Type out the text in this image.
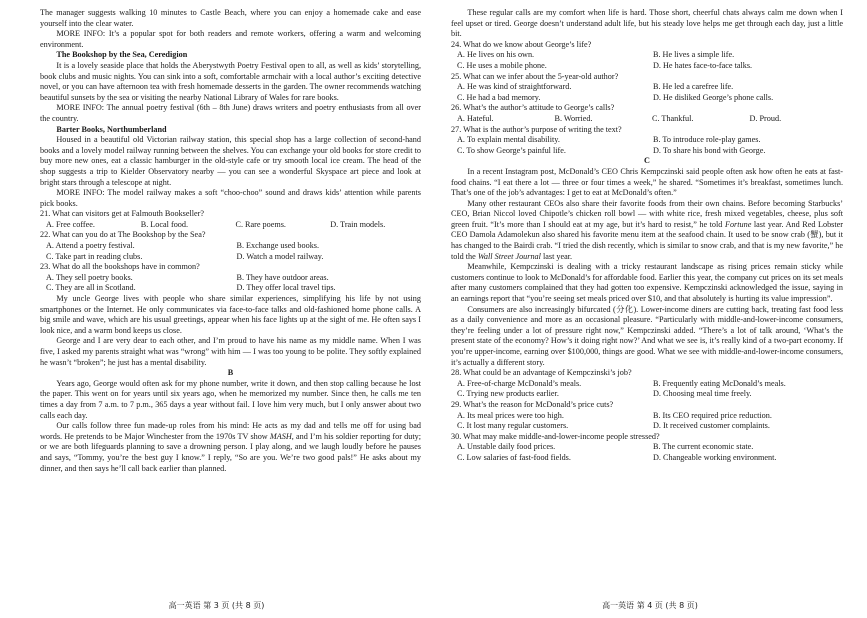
The manager suggests walking 10 minutes to Castle Beach, where you can enjoy a homemade cake and ease yourself into the clear water.

MORE INFO: It’s a popular spot for both readers and remote workers, offering a warm and welcoming environment.

The Bookshop by the Sea, Ceredigion

It is a lovely seaside place that holds the Aberystwyth Poetry Festival open to all, as well as kids’ storytelling, book clubs and music nights. You can sink into a soft, comfortable armchair with a local author’s exciting detective novel, or you can have afternoon tea with fresh homemade desserts in the garden. The owner recommends watching beautiful sunsets by the sea or visiting the nearby National Library of Wales for rare books.

MORE INFO: The annual poetry festival (6th – 8th June) draws writers and poetry enthusiasts from all over the country.

Barter Books, Northumberland

Housed in a beautiful old Victorian railway station, this special shop has a large collection of second-hand books and a lovely model railway running between the shelves. You can exchange your old books for store credit to buy more new ones, eat a classic hamburger in the old-style cafe or try smooth local ice cream. The head of the shop suggests a trip to Kielder Observatory nearby — you can see a wonderful Skyspace art piece and look at bright stars through a telescope at night.

MORE INFO: The model railway makes a soft “choo-choo” sound and draws kids’ attention while parents pick books.

21. What can visitors get at Falmouth Bookseller?

A. Free coffee.	B. Local food.	C. Rare poems.	D. Train models.

22. What can you do at The Bookshop by the Sea?

A. Attend a poetry festival.	B. Exchange used books.
C. Take part in reading clubs.	D. Watch a model railway.

23. What do all the bookshops have in common?

A. They sell poetry books.	B. They have outdoor areas.
C. They are all in Scotland.	D. They offer local travel tips.

My uncle George lives with people who share similar experiences, simplifying his life by not using smartphones or the Internet. He only communicates via face-to-face talks and old-fashioned home phone calls. A big smile and wave, which are his usual greetings, appear when his face lights up at the sight of me. He often says I look nice, and a warm bond keeps us close.

George and I are very dear to each other, and I’m proud to have his name as my middle name. When I was five, I asked my parents straight what was “wrong” with him — I was too young to be polite. They softly explained he wasn’t “broken”; he just has a mental disability.

B

Years ago, George would often ask for my phone number, write it down, and then stop calling because he lost the paper. This went on for years until six years ago, when he memorized my number. Since then, he calls me ten times a day from 7 a.m. to 7 p.m., 365 days a year without fail. I love him very much, but I only answer about two calls each day.

Our calls follow three fun made-up roles from his mind: He acts as my dad and tells me off for using bad words. He pretends to be Major Winchester from the 1970s TV show MASH, and I’m his soldier reporting for duty; or we are both lifeguards planning to save a drowning person. I play along, and we laugh loudly before he pauses and says, “Tommy, you’re the best guy I know.” I reply, “So are you. We’re two good pals!” He asks about my dinner, and then says he’ll call back earlier than planned.

高一英语 第 3 页 (共 8 页)

These regular calls are my comfort when life is hard. Those short, cheerful chats always calm me down when I feel upset or tired. George doesn’t understand adult life, but his steady love helps me get through each day, just a little bit.

24. What do we know about George’s life?

A. He lives on his own.	B. He lives a simple life.
C. He uses a mobile phone.	D. He hates face-to-face talks.

25. What can we infer about the 5-year-old author?

A. He was kind of straightforward.	B. He led a carefree life.
C. He had a bad memory.	D. He disliked George’s phone calls.

26. What’s the author’s attitude to George’s calls?

A. Hateful.	B. Worried.	C. Thankful.	D. Proud.

27. What is the author’s purpose of writing the text?

A. To explain mental disability.	B. To introduce role-play games.
C. To show George’s painful life.	D. To share his bond with George.

C

In a recent Instagram post, McDonald’s CEO Chris Kempczinski said people often ask how often he eats at fast-food chains. “I eat there a lot — three or four times a week,” he shared. “Sometimes it’s breakfast, sometimes lunch. That’s one of the job’s advantages: I get to eat at McDonald’s often.”

Many other restaurant CEOs also share their favorite foods from their own chains. Before becoming Starbucks’ CEO, Brian Niccol loved Chipotle’s chicken roll bowl — with white rice, fresh mixed vegetables, cheese, plus soft green fruit. “It’s more than I should eat at my age, but it’s hard to resist,” he told Fortune last year. And Red Lobster CEO Damola Adamolekun also shared his favorite menu item at the seafood chain. It used to be snow crab (蟹), but it has changed to the Bairdi crab. “I tried the dish recently, which is similar to snow crab, and that is my new favorite,” he told the Wall Street Journal last year.

Meanwhile, Kempczinski is dealing with a tricky restaurant landscape as rising prices remain sticky while customers continue to look to McDonald’s for affordable food. Earlier this year, the company cut prices on its set meals after many customers complained that they had gotten too expensive. Kempczinski acknowledged the issue, saying in an earnings report that “you’re seeing set meals priced over $10, and that absolutely is hurting its value impression”.

Consumers are also increasingly bifurcated (分化). Lower-income diners are cutting back, treating fast food less as a daily convenience and more as an occasional pleasure. “Particularly with middle-and-lower-income consumers, they’re feeling under a lot of pressure right now,” Kempczinski added. “There’s a lot of talk around, ‘What’s the present state of the economy? How’s it doing right now?’ And what we see is, it’s really kind of a two-part economy. If you’re upper-income, earning over $100,000, things are good. What we see with middle-and-lower-income consumers, it’s actually a different story.

28. What could be an advantage of Kempczinski’s job?

A. Free-of-charge McDonald’s meals.	B. Frequently eating McDonald’s meals.
C. Trying new products earlier.	D. Choosing meal time freely.

29. What’s the reason for McDonald’s price cuts?

A. Its meal prices were too high.	B. Its CEO required price reduction.
C. It lost many regular customers.	D. It received customer complaints.

30. What may make middle-and-lower-income people stressed?

A. Unstable daily food prices.	B. The current economic state.
C. Low salaries of fast-food fields.	D. Changeable working environment.
高一英语 第 4 页 (共 8 页)
